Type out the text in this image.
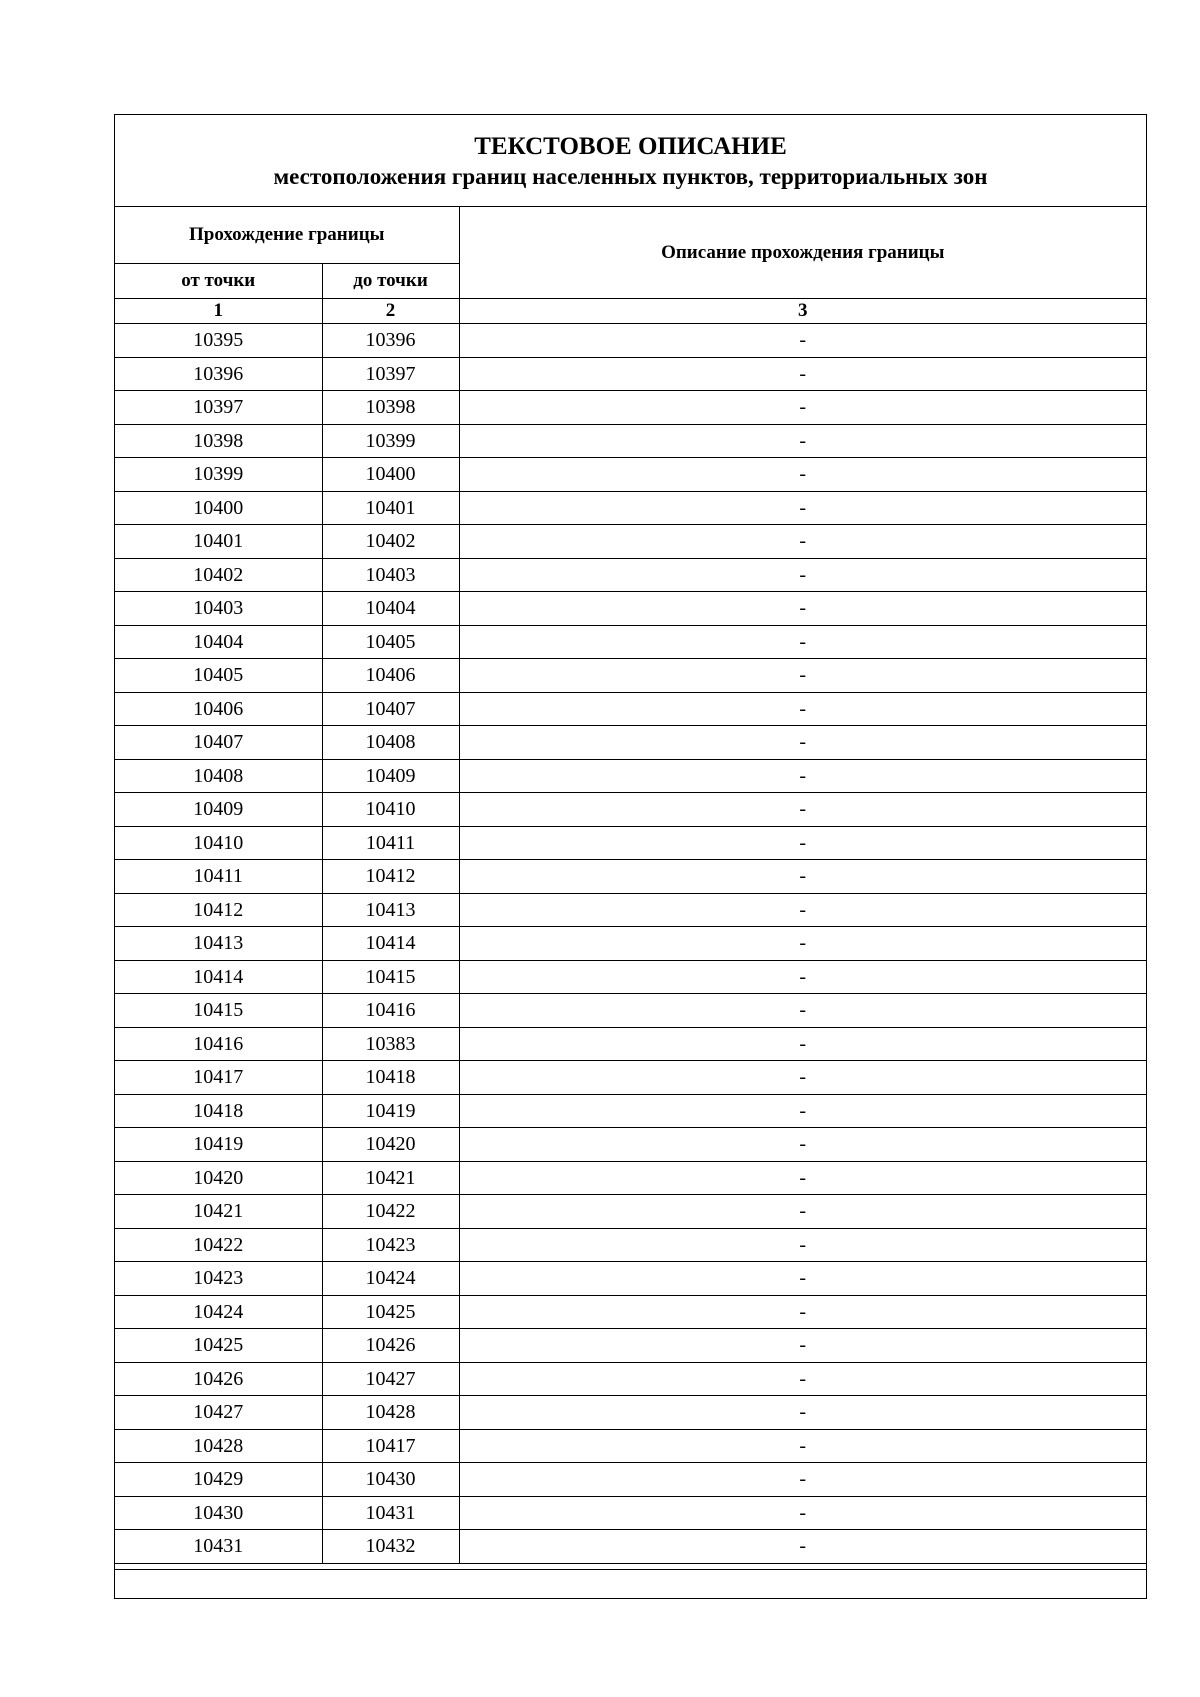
ТЕКСТОВОЕ ОПИСАНИЕ
местоположения границ населенных пунктов, территориальных зон
Прохождение границы		Описание прохождения границы
от точки	до точки	
1	2	3
10395	10396	-
10396	10397	-
10397	10398	-
10398	10399	-
10399	10400	-
10400	10401	-
10401	10402	-
10402	10403	-
10403	10404	-
10404	10405	-
10405	10406	-
10406	10407	-
10407	10408	-
10408	10409	-
10409	10410	-
10410	10411	-
10411	10412	-
10412	10413	-
10413	10414	-
10414	10415	-
10415	10416	-
10416	10383	-
10417	10418	-
10418	10419	-
10419	10420	-
10420	10421	-
10421	10422	-
10422	10423	-
10423	10424	-
10424	10425	-
10425	10426	-
10426	10427	-
10427	10428	-
10428	10417	-
10429	10430	-
10430	10431	-
10431	10432	-
